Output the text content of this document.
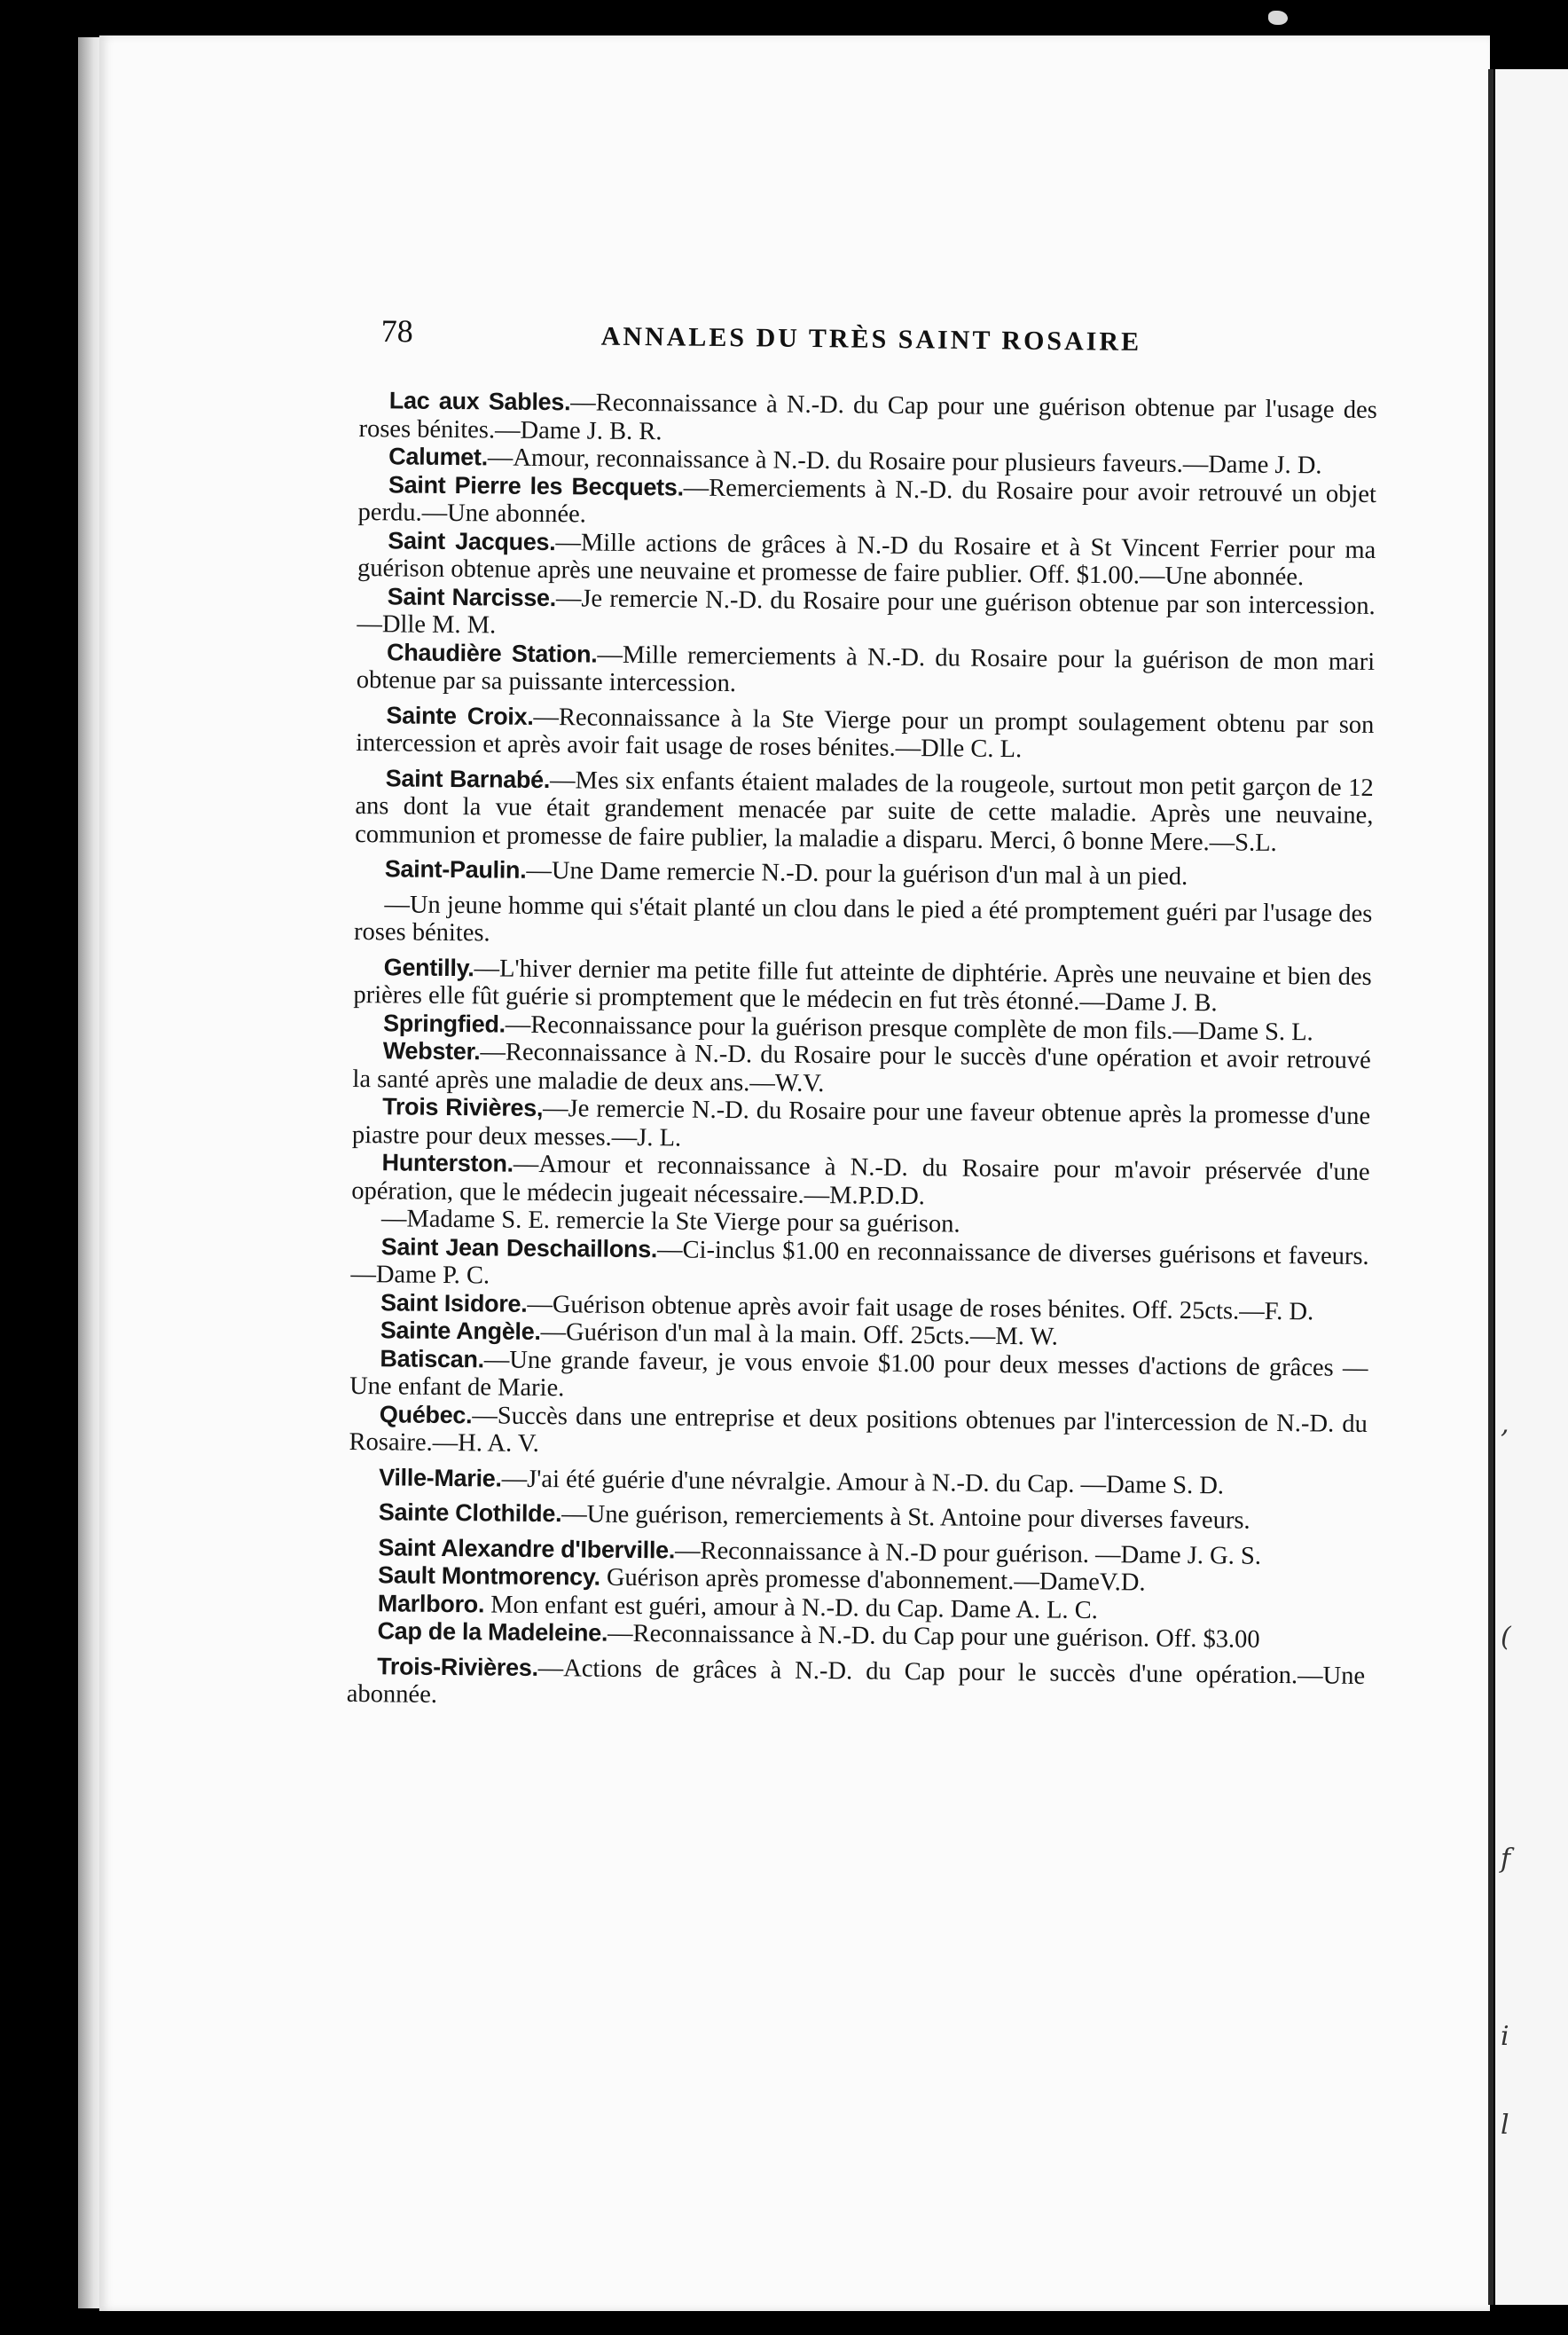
,
(
f
i
l
78	ANNALES DU TRÈS SAINT ROSAIRE

Lac aux Sables.—Reconnaissance à N.-D. du Cap pour une guérison obtenue par l'usage des roses bénites.—Dame J. B. R.

Calumet.—Amour, reconnaissance à N.-D. du Rosaire pour plusieurs faveurs.—Dame J. D.

Saint Pierre les Becquets.—Remerciements à N.-D. du Rosaire pour avoir retrouvé un objet perdu.—Une abonnée.

Saint Jacques.—Mille actions de grâces à N.-D du Rosaire et à St Vincent Ferrier pour ma guérison obtenue après une neuvaine et promesse de faire publier. Off. $1.00.—Une abonnée.

Saint Narcisse.—Je remercie N.-D. du Rosaire pour une guérison obtenue par son intercession.—Dlle M. M.

Chaudière Station.—Mille remerciements à N.-D. du Rosaire pour la guérison de mon mari obtenue par sa puissante intercession.

Sainte Croix.—Reconnaissance à la Ste Vierge pour un prompt soulagement obtenu par son intercession et après avoir fait usage de roses bénites.—Dlle C. L.

Saint Barnabé.—Mes six enfants étaient malades de la rougeole, surtout mon petit garçon de 12 ans dont la vue était grandement menacée par suite de cette maladie. Après une neuvaine, communion et promesse de faire publier, la maladie a disparu. Merci, ô bonne Mere.—S.L.

Saint-Paulin.—Une Dame remercie N.-D. pour la guérison d'un mal à un pied.

—Un jeune homme qui s'était planté un clou dans le pied a été promptement guéri par l'usage des roses bénites.

Gentilly.—L'hiver dernier ma petite fille fut atteinte de diphtérie. Après une neuvaine et bien des prières elle fût guérie si promptement que le médecin en fut très étonné.—Dame J. B.

Springfied.—Reconnaissance pour la guérison presque complète de mon fils.—Dame S. L.

Webster.—Reconnaissance à N.-D. du Rosaire pour le succès d'une opération et avoir retrouvé la santé après une maladie de deux ans.—W.V.

Trois Rivières,—Je remercie N.-D. du Rosaire pour une faveur obtenue après la promesse d'une piastre pour deux messes.—J. L.

Hunterston.—Amour et reconnaissance à N.-D. du Rosaire pour m'avoir préservée d'une opération, que le médecin jugeait nécessaire.—M.P.D.D.

—Madame S. E. remercie la Ste Vierge pour sa guérison.

Saint Jean Deschaillons.—Ci-inclus $1.00 en reconnaissance de diverses guérisons et faveurs.—Dame P. C.

Saint Isidore.—Guérison obtenue après avoir fait usage de roses bénites. Off. 25cts.—F. D.

Sainte Angèle.—Guérison d'un mal à la main. Off. 25cts.—M. W.

Batiscan.—Une grande faveur, je vous envoie $1.00 pour deux messes d'actions de grâces —Une enfant de Marie.

Québec.—Succès dans une entreprise et deux positions obtenues par l'intercession de N.-D. du Rosaire.—H. A. V.

Ville-Marie.—J'ai été guérie d'une névralgie. Amour à N.-D. du Cap. —Dame S. D.

Sainte Clothilde.—Une guérison, remerciements à St. Antoine pour diverses faveurs.

Saint Alexandre d'Iberville.—Reconnaissance à N.-D pour guérison. —Dame J. G. S.

Sault Montmorency. Guérison après promesse d'abonnement.—DameV.D.

Marlboro. Mon enfant est guéri, amour à N.-D. du Cap. Dame A. L. C.

Cap de la Madeleine.—Reconnaissance à N.-D. du Cap pour une guérison. Off. $3.00

Trois-Rivières.—Actions de grâces à N.-D. du Cap pour le succès d'une opération.—Une abonnée.
